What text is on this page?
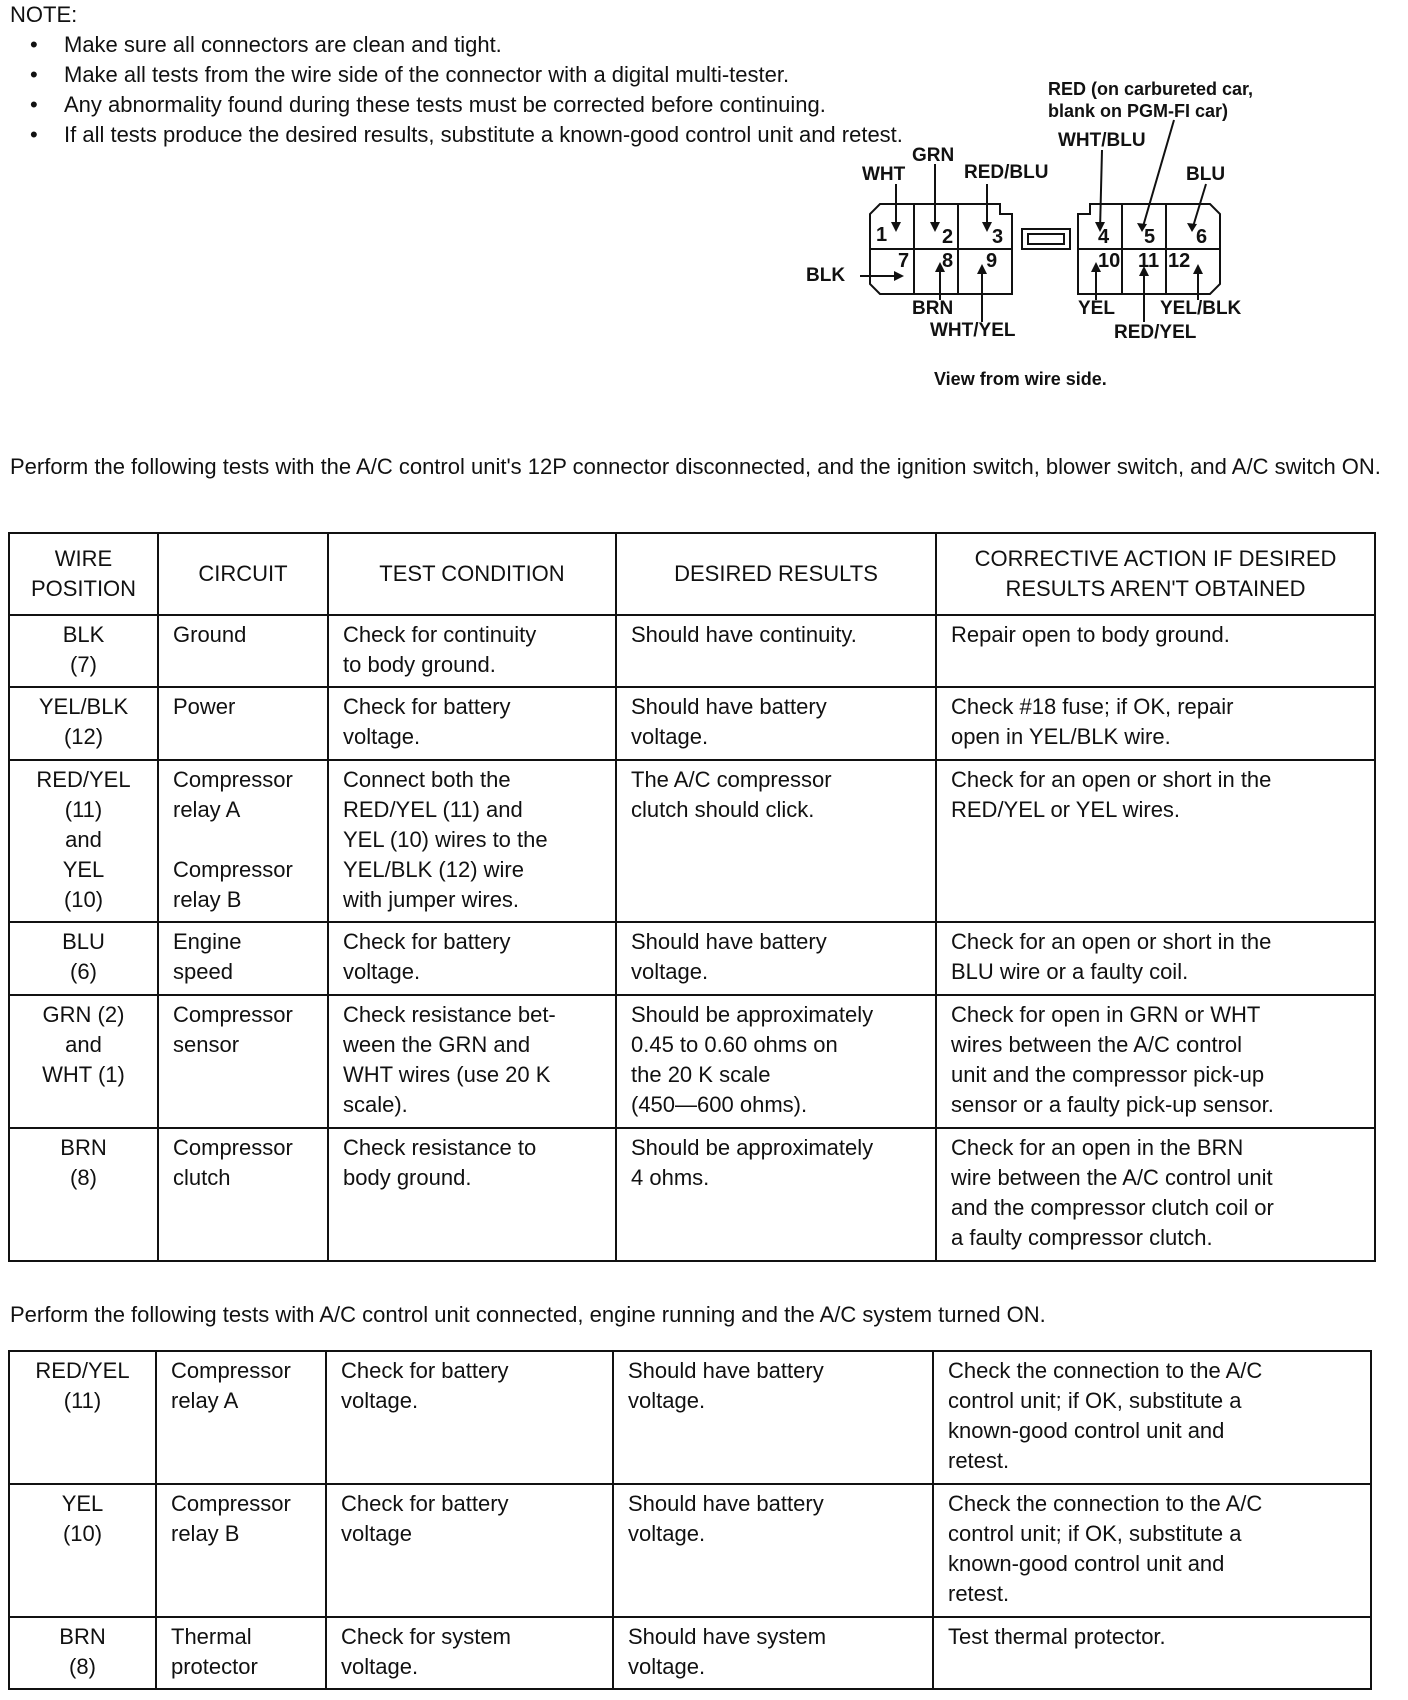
NOTE:
• Make sure all connectors are clean and tight.
• Make all tests from the wire side of the connector with a digital multi-tester.
• Any abnormality found during these tests must be corrected before continuing.
• If all tests produce the desired results, substitute a known-good control unit and retest.
RED (on carbureted car,
blank on PGM-FI car)
WHT/BLU
GRN
WHT	RED/BLU	BLU
1	2 3	4 5 6
7 8 9	10 11 12
BLK
BRN
WHT/YEL
YEL YEL/BLK
RED/YEL
View from wire side.
Perform the following tests with the A/C control unit's 12P connector disconnected, and the ignition switch, blower switch, and A/C switch ON.
WIRE
POSITION	CIRCUIT	TEST CONDITION	DESIRED RESULTS	CORRECTIVE ACTION IF DESIRED
RESULTS AREN'T OBTAINED
BLK
(7)	Ground	Check for continuity
to body ground.	Should have continuity.	Repair open to body ground.
YEL/BLK
(12)	Power	Check for battery
voltage.	Should have battery
voltage.	Check #18 fuse; if OK, repair
open in YEL/BLK wire.
RED/YEL
(11)
and
YEL
(10)	Compressor
relay A

Compressor
relay B	Connect both the
RED/YEL (11) and
YEL (10) wires to the
YEL/BLK (12) wire
with jumper wires.	The A/C compressor
clutch should click.	Check for an open or short in the
RED/YEL or YEL wires.
BLU
(6)	Engine
speed	Check for battery
voltage.	Should have battery
voltage.	Check for an open or short in the
BLU wire or a faulty coil.
GRN (2)
and
WHT (1)	Compressor
sensor	Check resistance bet-
ween the GRN and
WHT wires (use 20 K
scale).	Should be approximately
0.45 to 0.60 ohms on
the 20 K scale
(450—600 ohms).	Check for open in GRN or WHT
wires between the A/C control
unit and the compressor pick-up
sensor or a faulty pick-up sensor.
BRN
(8)	Compressor
clutch	Check resistance to
body ground.	Should be approximately
4 ohms.	Check for an open in the BRN
wire between the A/C control unit
and the compressor clutch coil or
a faulty compressor clutch.
Perform the following tests with A/C control unit connected, engine running and the A/C system turned ON.
RED/YEL
(11)	Compressor
relay A	Check for battery
voltage.	Should have battery
voltage.	Check the connection to the A/C
control unit; if OK, substitute a
known-good control unit and
retest.
YEL
(10)	Compressor
relay B	Check for battery
voltage	Should have battery
voltage.	Check the connection to the A/C
control unit; if OK, substitute a
known-good control unit and
retest.
BRN
(8)	Thermal
protector	Check for system
voltage.	Should have system
voltage.	Test thermal protector.
